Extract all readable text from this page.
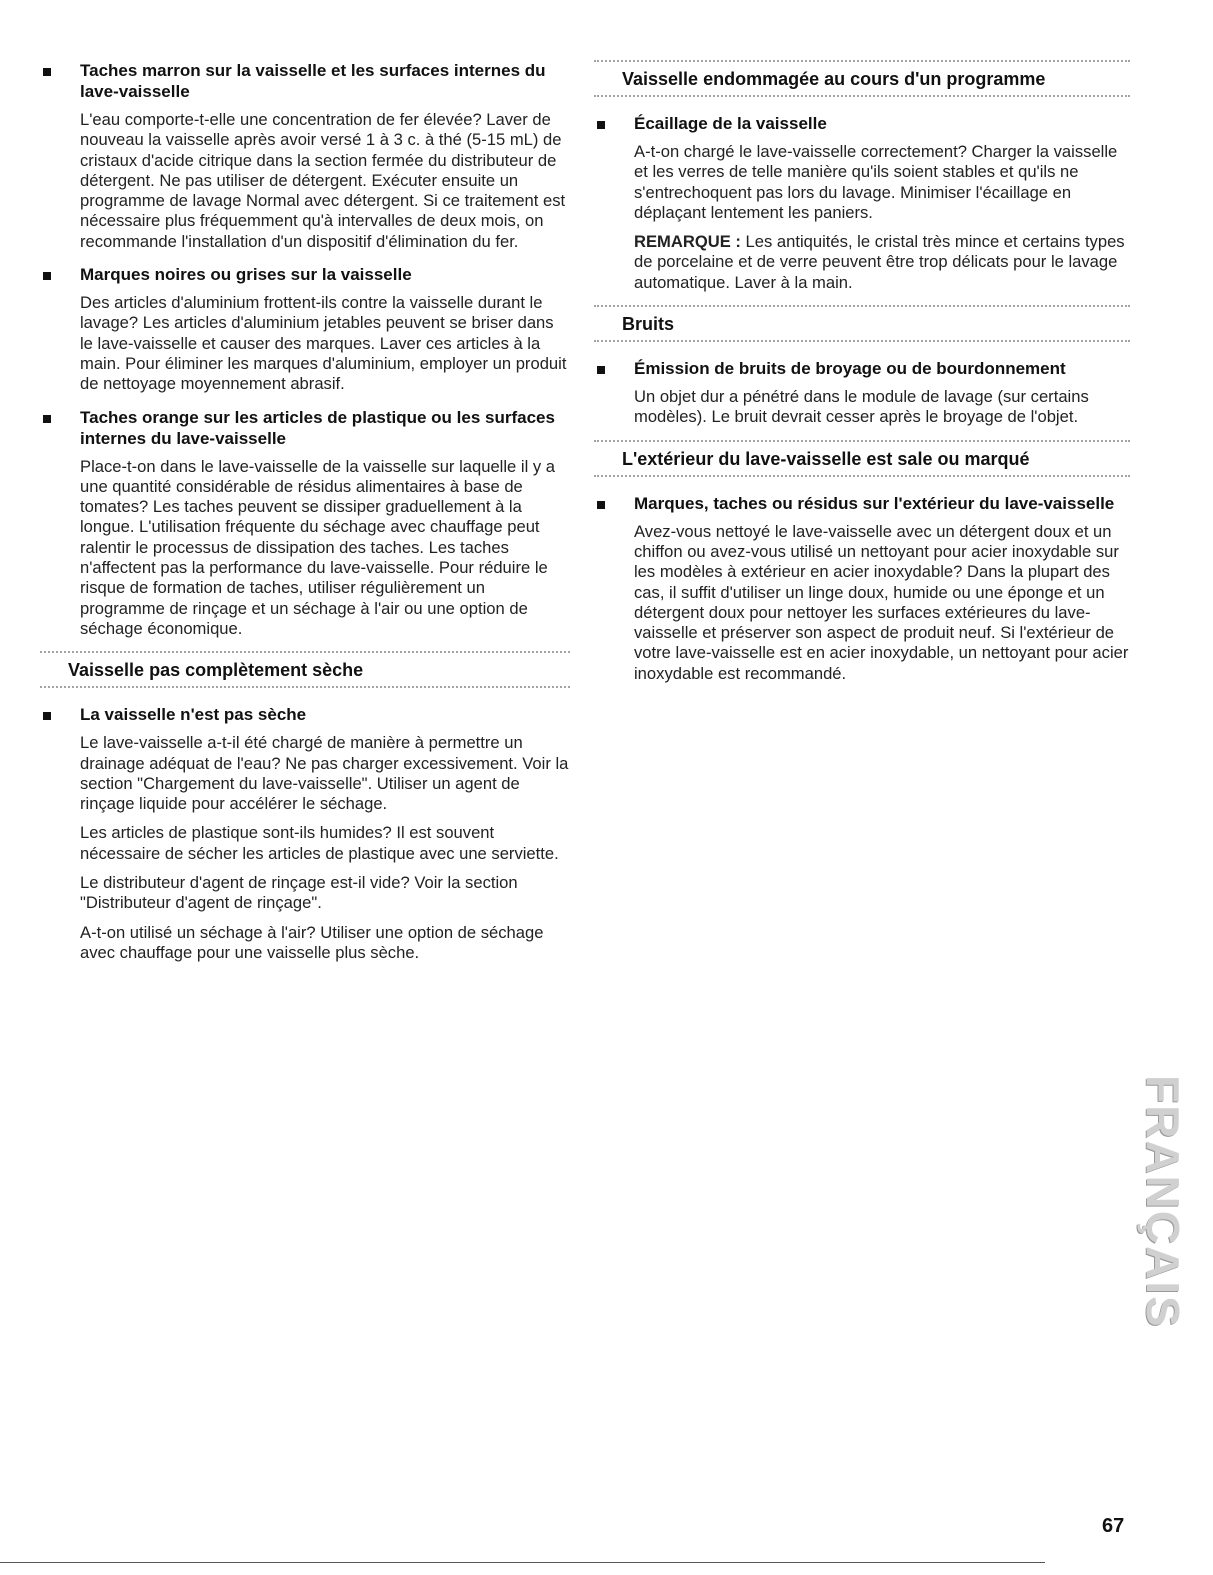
Taches marron sur la vaisselle et les surfaces internes du lave-vaisselle

L'eau comporte-t-elle une concentration de fer élevée? Laver de nouveau la vaisselle après avoir versé 1 à 3 c. à thé (5-15 mL) de cristaux d'acide citrique dans la section fermée du distributeur de détergent. Ne pas utiliser de détergent. Exécuter ensuite un programme de lavage Normal avec détergent. Si ce traitement est nécessaire plus fréquemment qu'à intervalles de deux mois, on recommande l'installation d'un dispositif d'élimination du fer.

Marques noires ou grises sur la vaisselle

Des articles d'aluminium frottent-ils contre la vaisselle durant le lavage? Les articles d'aluminium jetables peuvent se briser dans le lave-vaisselle et causer des marques. Laver ces articles à la main. Pour éliminer les marques d'aluminium, employer un produit de nettoyage moyennement abrasif.

Taches orange sur les articles de plastique ou les surfaces internes du lave-vaisselle

Place-t-on dans le lave-vaisselle de la vaisselle sur laquelle il y a une quantité considérable de résidus alimentaires à base de tomates? Les taches peuvent se dissiper graduellement à la longue. L'utilisation fréquente du séchage avec chauffage peut ralentir le processus de dissipation des taches. Les taches n'affectent pas la performance du lave-vaisselle. Pour réduire le risque de formation de taches, utiliser régulièrement un programme de rinçage et un séchage à l'air ou une option de séchage économique.

Vaisselle pas complètement sèche
La vaisselle n'est pas sèche

Le lave-vaisselle a-t-il été chargé de manière à permettre un drainage adéquat de l'eau? Ne pas charger excessivement. Voir la section "Chargement du lave-vaisselle". Utiliser un agent de rinçage liquide pour accélérer le séchage.

Les articles de plastique sont-ils humides? Il est souvent nécessaire de sécher les articles de plastique avec une serviette.

Le distributeur d'agent de rinçage est-il vide? Voir la section "Distributeur d'agent de rinçage".

A-t-on utilisé un séchage à l'air? Utiliser une option de séchage avec chauffage pour une vaisselle plus sèche.

Vaisselle endommagée au cours d'un programme
Écaillage de la vaisselle

A-t-on chargé le lave-vaisselle correctement? Charger la vaisselle et les verres de telle manière qu'ils soient stables et qu'ils ne s'entrechoquent pas lors du lavage. Minimiser l'écaillage en déplaçant lentement les paniers.

REMARQUE : Les antiquités, le cristal très mince et certains types de porcelaine et de verre peuvent être trop délicats pour le lavage automatique. Laver à la main.

Bruits
Émission de bruits de broyage ou de bourdonnement

Un objet dur a pénétré dans le module de lavage (sur certains modèles). Le bruit devrait cesser après le broyage de l'objet.

L'extérieur du lave-vaisselle est sale ou marqué
Marques, taches ou résidus sur l'extérieur du lave-vaisselle

Avez-vous nettoyé le lave-vaisselle avec un détergent doux et un chiffon ou avez-vous utilisé un nettoyant pour acier inoxydable sur les modèles à extérieur en acier inoxydable? Dans la plupart des cas, il suffit d'utiliser un linge doux, humide ou une éponge et un détergent doux pour nettoyer les surfaces extérieures du lave-vaisselle et préserver son aspect de produit neuf. Si l'extérieur de votre lave-vaisselle est en acier inoxydable, un nettoyant pour acier inoxydable est recommandé.

FRANÇAIS
67
